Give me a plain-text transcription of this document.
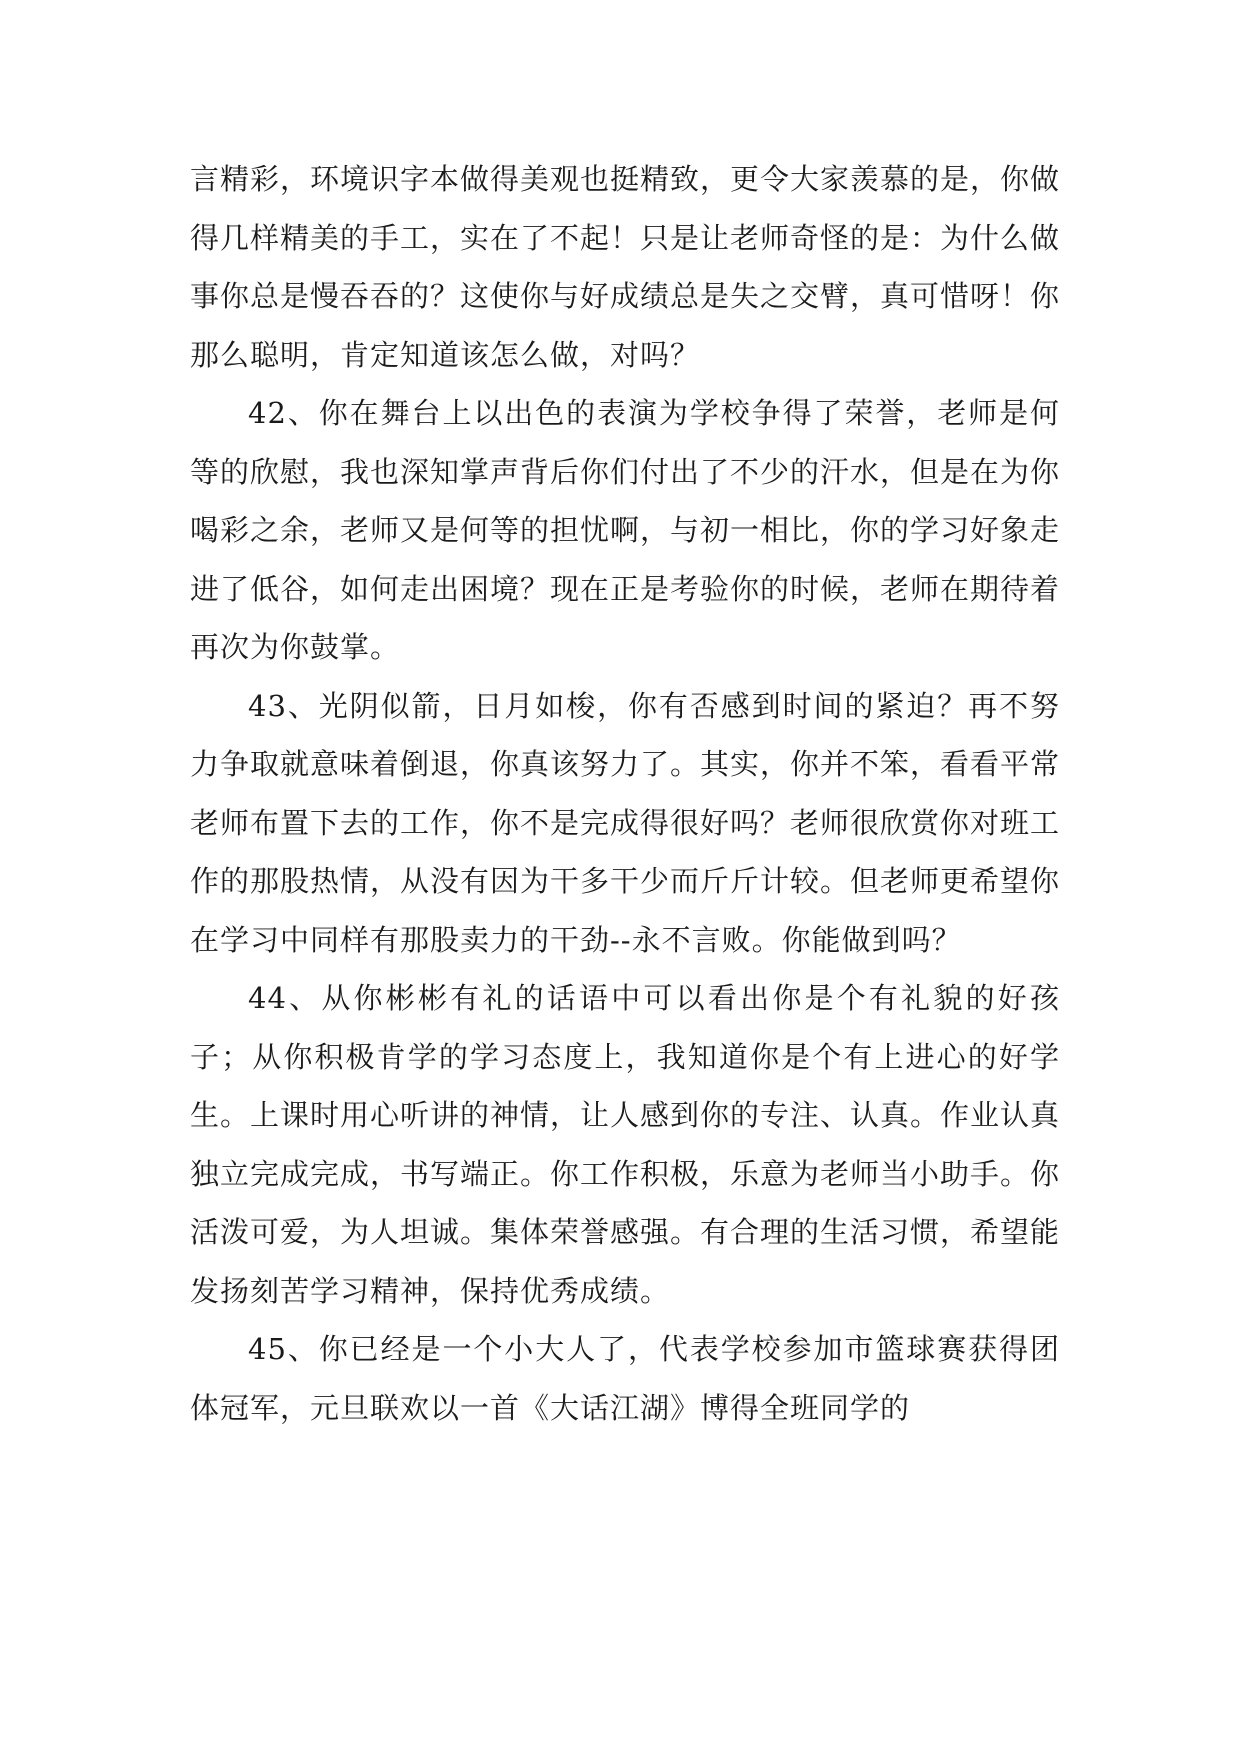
言精彩，环境识字本做得美观也挺精致，更令大家羡慕的是，你做得几样精美的手工，实在了不起！只是让老师奇怪的是：为什么做事你总是慢吞吞的？这使你与好成绩总是失之交臂，真可惜呀！你那么聪明，肯定知道该怎么做，对吗？

42、你在舞台上以出色的表演为学校争得了荣誉，老师是何等的欣慰，我也深知掌声背后你们付出了不少的汗水，但是在为你喝彩之余，老师又是何等的担忧啊，与初一相比，你的学习好象走进了低谷，如何走出困境？现在正是考验你的时候，老师在期待着再次为你鼓掌。

43、光阴似箭，日月如梭，你有否感到时间的紧迫？再不努力争取就意味着倒退，你真该努力了。其实，你并不笨，看看平常老师布置下去的工作，你不是完成得很好吗？老师很欣赏你对班工作的那股热情，从没有因为干多干少而斤斤计较。但老师更希望你在学习中同样有那股卖力的干劲--永不言败。你能做到吗？

44、从你彬彬有礼的话语中可以看出你是个有礼貌的好孩子；从你积极肯学的学习态度上，我知道你是个有上进心的好学生。上课时用心听讲的神情，让人感到你的专注、认真。作业认真独立完成完成，书写端正。你工作积极，乐意为老师当小助手。你活泼可爱，为人坦诚。集体荣誉感强。有合理的生活习惯，希望能发扬刻苦学习精神，保持优秀成绩。

45、你已经是一个小大人了，代表学校参加市篮球赛获得团体冠军，元旦联欢以一首《大话江湖》博得全班同学的
